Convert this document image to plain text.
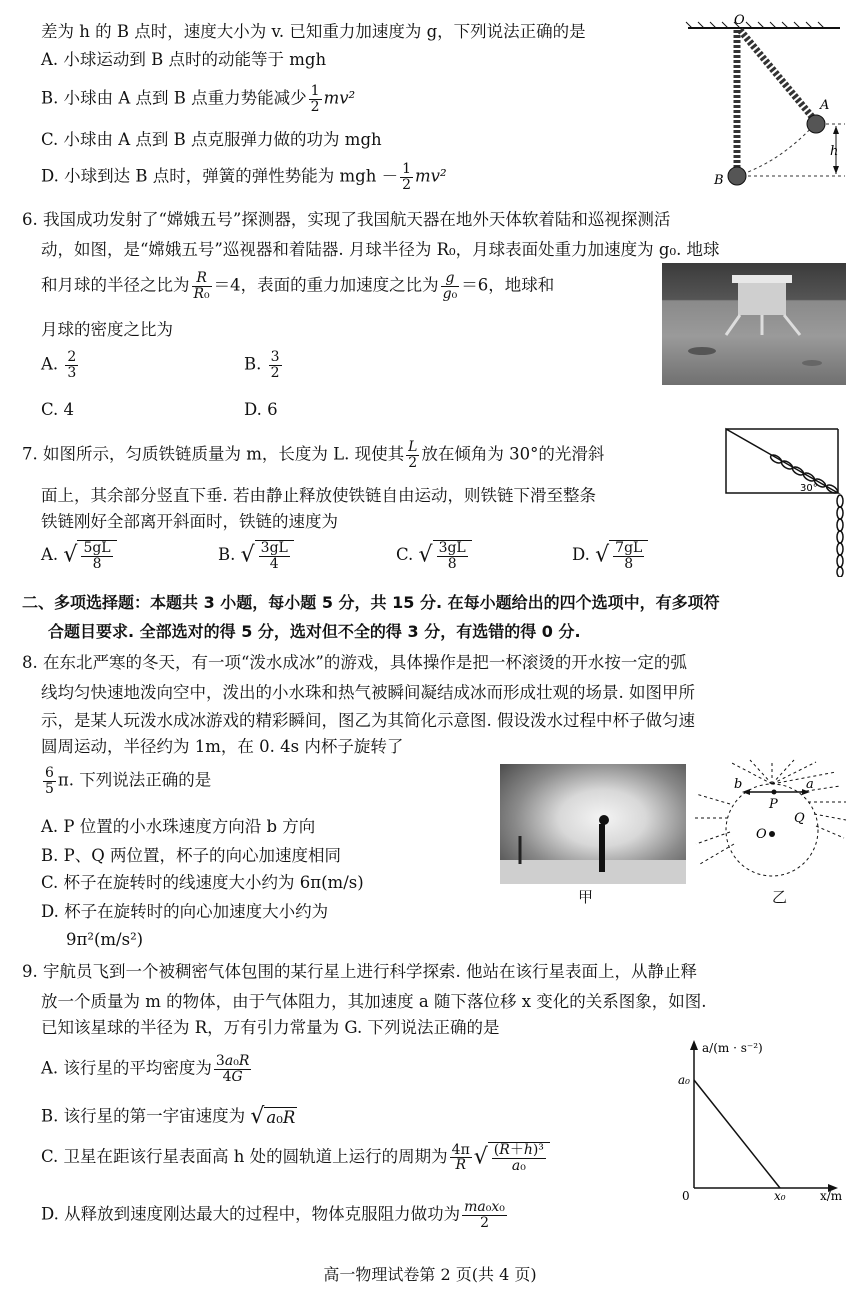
差为 h 的 B 点时，速度大小为 v. 已知重力加速度为 g，下列说法正确的是
A. 小球运动到 B 点时的动能等于 mgh
B. 小球由 A 点到 B 点重力势能减少 $\frac{1}{2} mv^2$
C. 小球由 A 点到 B 点克服弹力做的功为 mgh
D. 小球到达 B 点时，弹簧的弹性势能为 mgh － $\frac{1}{2} mv^2$
O
h
A
B
6. 我国成功发射了“嫦娥五号”探测器，实现了我国航天器在地外天体软着陆和巡视探测活
动，如图，是“嫦娥五号”巡视器和着陆器. 月球半径为 R₀，月球表面处重力加速度为 g₀. 地球
和月球的半径之比为 $\frac{R}{\text{R₀}} =4$，表面的重力加速度之比为 $\frac{g}{\text{g₀}} =6$，地球和
月球的密度之比为
A. $\frac{2}{3}$	B. $\frac{3}{2}$
C. 4	D. 6
7. 如图所示，匀质铁链质量为 m，长度为 L. 现使其 $\frac{L}{2}$ 放在倾角为 30°的光滑斜
面上，其余部分竖直下垂. 若由静止释放使铁链自由运动，则铁链下滑至整条
铁链刚好全部离开斜面时，铁链的速度为
A. √ $\frac{5gL}{8}$	B. √ $\frac{3gL}{4}$	C. √ $\frac{3gL}{8}$	D. √ $\frac{7gL}{8}$
30°
二、多项选择题：本题共 3 小题，每小题 5 分，共 15 分. 在每小题给出的四个选项中，有多项符
合题目要求. 全部选对的得 5 分，选对但不全的得 3 分，有选错的得 0 分.
8. 在东北严寒的冬天，有一项“泼水成冰”的游戏，具体操作是把一杯滚烫的开水按一定的弧
线均匀快速地泼向空中，泼出的小水珠和热气被瞬间凝结成冰而形成壮观的场景. 如图甲所
示，是某人玩泼水成冰游戏的精彩瞬间，图乙为其简化示意图. 假设泼水过程中杯子做匀速
圆周运动，半径约为 1m，在 0. 4s 内杯子旋转了
$\frac{6}{5} \pi$. 下列说法正确的是
A. P 位置的小水珠速度方向沿 b 方向
B. P、Q 两位置，杯子的向心加速度相同
C. 杯子在旋转时的线速度大小约为 6π(m/s)
D. 杯子在旋转时的向心加速度大小约为
9π²(m/s²)
甲
b	a
P
Q
O
乙
9. 宇航员飞到一个被稠密气体包围的某行星上进行科学探索. 他站在该行星表面上，从静止释
放一个质量为 m 的物体，由于气体阻力，其加速度 a 随下落位移 x 变化的关系图象，如图.
已知该星球的半径为 R，万有引力常量为 G. 下列说法正确的是
A. 该行星的平均密度为 $\frac{\text{3a₀R}}{4G}$
B. 该行星的第一宇宙速度为 √ a₀R
C. 卫星在距该行星表面高 h 处的圆轨道上运行的周期为 $\frac{4\pi}{R}$ √ $\frac{\text{(R＋h)³}}{\text{a₀}}$
D. 从释放到速度刚达最大的过程中，物体克服阻力做功为 $\frac{\text{ma₀x₀}}{2}$
a/(m · s⁻²)
a₀
0	x₀	x/m
高一物理试卷第 2 页(共 4 页)
